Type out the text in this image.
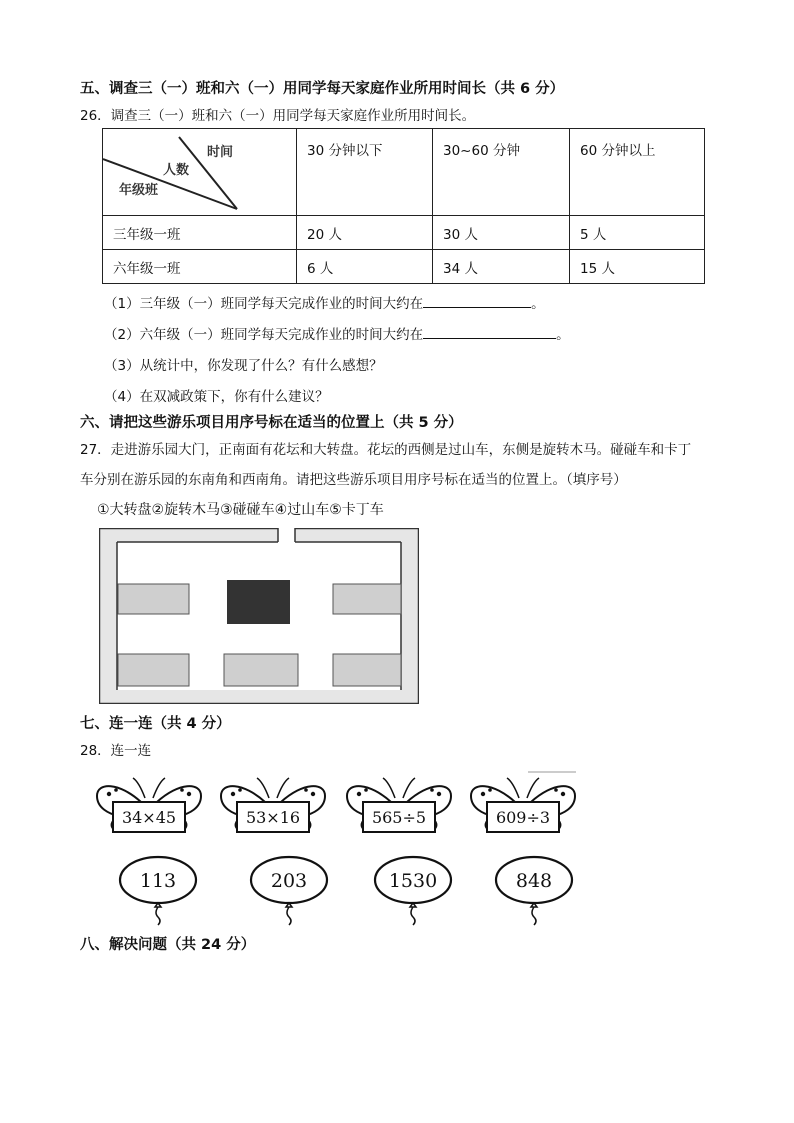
五、调查三（一）班和六（一）用同学每天家庭作业所用时间长（共 6 分）
26．调查三（一）班和六（一）用同学每天家庭作业所用时间长。
时间
人数
年级班	30 分钟以下	30~60 分钟	60 分钟以上
三年级一班	20 人	30 人	5 人
六年级一班	6 人	34 人	15 人
（1）三年级（一）班同学每天完成作业的时间大约在	。
（2）六年级（一）班同学每天完成作业的时间大约在	。
（3）从统计中，你发现了什么？有什么感想？
（4）在双减政策下，你有什么建议？
六、请把这些游乐项目用序号标在适当的位置上（共 5 分）
27．走进游乐园大门，正南面有花坛和大转盘。花坛的西侧是过山车，东侧是旋转木马。碰碰车和卡丁
车分别在游乐园的东南角和西南角。请把这些游乐项目用序号标在适当的位置上。（填序号）
①大转盘②旋转木马③碰碰车④过山车⑤卡丁车
七、连一连（共 4 分）
28．连一连
34×45	53×16	565÷5	609÷3
113	203	1530	848
八、解决问题（共 24 分）
